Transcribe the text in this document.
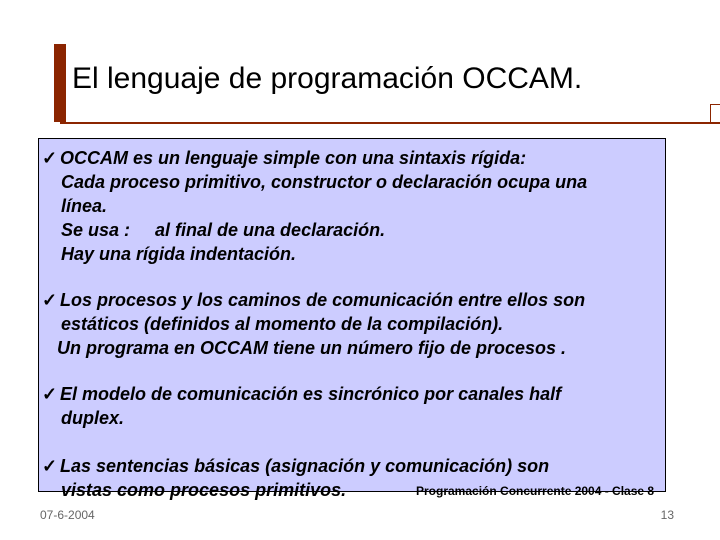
El lenguaje de programación OCCAM.
✓ OCCAM es un lenguaje simple con una sintaxis rígida:
Cada proceso primitivo, constructor o declaración ocupa una
línea.
Se usa :     al final de una declaración.
Hay una rígida indentación.
✓ Los procesos y los caminos de comunicación entre ellos son
estáticos (definidos al momento de la compilación).
Un programa en OCCAM tiene un número fijo de procesos .
✓ El modelo de comunicación es sincrónico por canales half
duplex.
✓ Las sentencias básicas (asignación y comunicación) son
vistas como procesos primitivos.	Programación Concurrente 2004 - Clase 8
07-6-2004	13
